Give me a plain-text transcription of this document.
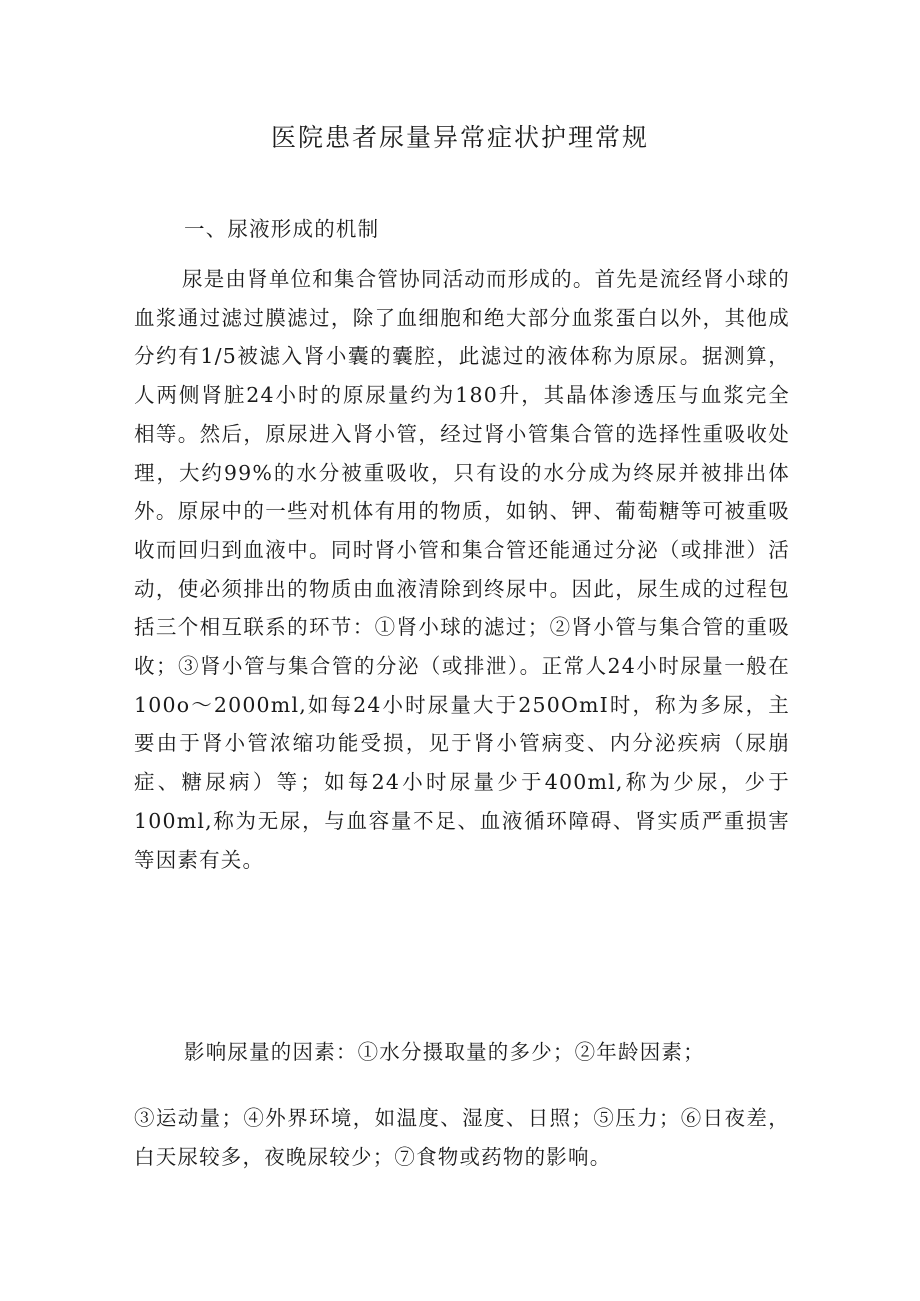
医院患者尿量异常症状护理常规

一、尿液形成的机制

尿是由肾单位和集合管协同活动而形成的。首先是流经肾小球的血浆通过滤过膜滤过，除了血细胞和绝大部分血浆蛋白以外，其他成分约有1/5被滤入肾小囊的囊腔，此滤过的液体称为原尿。据测算，人两侧肾脏24小时的原尿量约为180升，其晶体渗透压与血浆完全相等。然后，原尿进入肾小管，经过肾小管集合管的选择性重吸收处理，大约99%的水分被重吸收，只有设的水分成为终尿并被排出体外。原尿中的一些对机体有用的物质，如钠、钾、葡萄糖等可被重吸收而回归到血液中。同时肾小管和集合管还能通过分泌（或排泄）活动，使必须排出的物质由血液清除到终尿中。因此，尿生成的过程包括三个相互联系的环节：①肾小球的滤过；②肾小管与集合管的重吸收；③肾小管与集合管的分泌（或排泄）。正常人24小时尿量一般在100o～2000ml,如每24小时尿量大于250OmI时，称为多尿，主要由于肾小管浓缩功能受损，见于肾小管病变、内分泌疾病（尿崩症、糖尿病）等；如每24小时尿量少于400ml,称为少尿，少于100ml,称为无尿，与血容量不足、血液循环障碍、肾实质严重损害等因素有关。

影响尿量的因素：①水分摄取量的多少；②年龄因素；

③运动量；④外界环境，如温度、湿度、日照；⑤压力；⑥日夜差，白天尿较多，夜晚尿较少；⑦食物或药物的影响。
